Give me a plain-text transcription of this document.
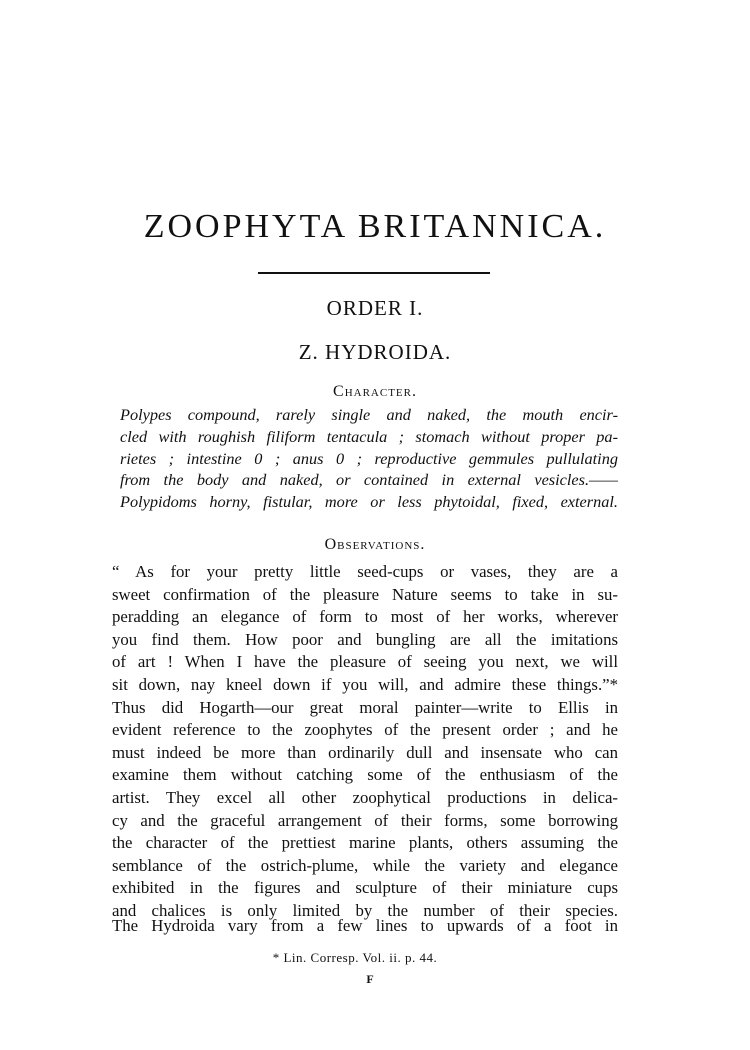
ZOOPHYTA BRITANNICA.
ORDER I.
Z. HYDROIDA.
Character.
Polypes compound, rarely single and naked, the mouth encir-
cled with roughish filiform tentacula ; stomach without proper pa-
rietes ; intestine 0 ; anus 0 ; reproductive gemmules pullulating
from the body and naked, or contained in external vesicles.——
Polypidoms horny, fistular, more or less phytoidal, fixed, external.
Observations.
“ As for your pretty little seed-cups or vases, they are a
sweet confirmation of the pleasure Nature seems to take in su-
peradding an elegance of form to most of her works, wherever
you find them. How poor and bungling are all the imitations
of art ! When I have the pleasure of seeing you next, we will
sit down, nay kneel down if you will, and admire these things.”*
Thus did Hogarth—our great moral painter—write to Ellis in
evident reference to the zoophytes of the present order ; and he
must indeed be more than ordinarily dull and insensate who can
examine them without catching some of the enthusiasm of the
artist. They excel all other zoophytical productions in delica-
cy and the graceful arrangement of their forms, some borrowing
the character of the prettiest marine plants, others assuming the
semblance of the ostrich-plume, while the variety and elegance
exhibited in the figures and sculpture of their miniature cups
and chalices is only limited by the number of their species.
The Hydroida vary from a few lines to upwards of a foot in
* Lin. Corresp. Vol. ii. p. 44.
F
